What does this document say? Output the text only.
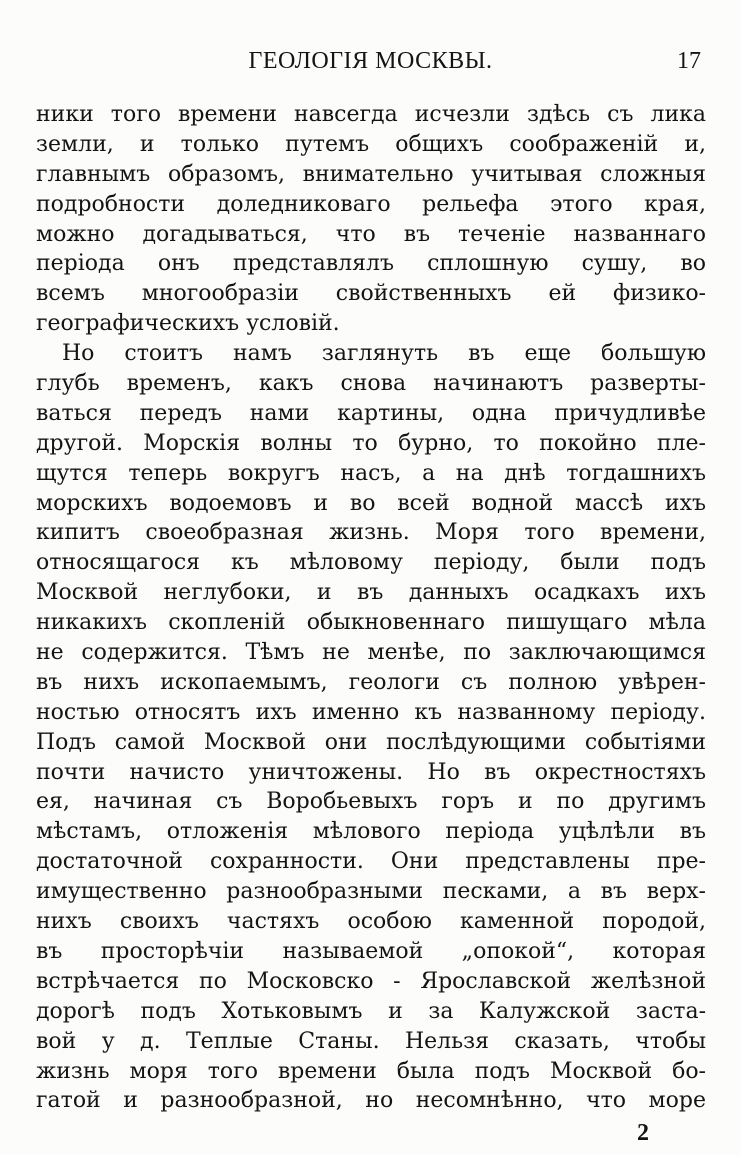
ГЕОЛОГІЯ МОСКВЫ.	17
ники того времени навсегда исчезли здѣсь съ лика
земли, и только путемъ общихъ соображеній и,
главнымъ образомъ, внимательно учитывая сложныя
подробности доледниковаго рельефа этого края,
можно догадываться, что въ теченіе названнаго
періода онъ представлялъ сплошную сушу, во
всемъ многообразіи свойственныхъ ей физико-
географическихъ условій.
Но стоитъ намъ заглянуть въ еще большую
глубь временъ, какъ снова начинаютъ разверты-
ваться передъ нами картины, одна причудливѣе
другой. Морскія волны то бурно, то покойно пле-
щутся теперь вокругъ насъ, а на днѣ тогдашнихъ
морскихъ водоемовъ и во всей водной массѣ ихъ
кипитъ своеобразная жизнь. Моря того времени,
относящагося къ мѣловому періоду, были подъ
Москвой неглубоки, и въ данныхъ осадкахъ ихъ
никакихъ скопленій обыкновеннаго пишущаго мѣла
не содержится. Тѣмъ не менѣе, по заключающимся
въ нихъ ископаемымъ, геологи съ полною увѣрен-
ностью относятъ ихъ именно къ названному періоду.
Подъ самой Москвой они послѣдующими событіями
почти начисто уничтожены. Но въ окрестностяхъ
ея, начиная съ Воробьевыхъ горъ и по другимъ
мѣстамъ, отложенія мѣлового періода уцѣлѣли въ
достаточной сохранности. Они представлены пре-
имущественно разнообразными песками, а въ верх-
нихъ своихъ частяхъ особою каменной породой,
въ просторѣчіи называемой „опокой“, которая
встрѣчается по Московско - Ярославской желѣзной
дорогѣ подъ Хотьковымъ и за Калужской заста-
вой у д. Теплые Станы. Нельзя сказать, чтобы
жизнь моря того времени была подъ Москвой бо-
гатой и разнообразной, но несомнѣнно, что море
2
